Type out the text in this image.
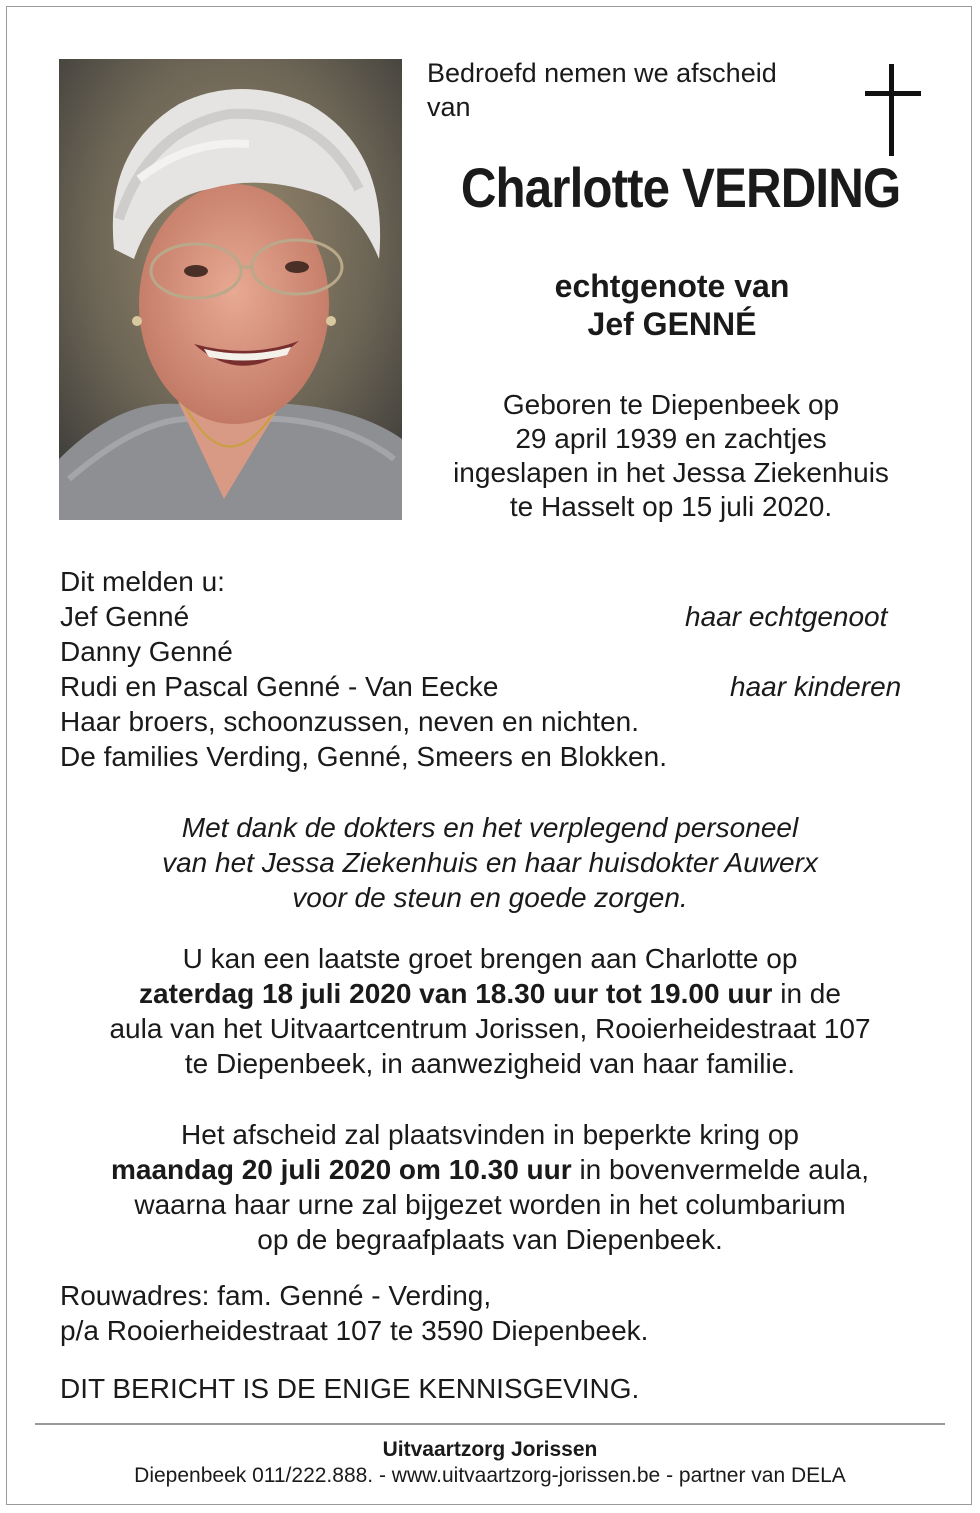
Bedroefd nemen we afscheid
van
Charlotte VERDING
echtgenote van
Jef GENNÉ
Geboren te Diepenbeek op
29 april 1939 en zachtjes
ingeslapen in het Jessa Ziekenhuis
te Hasselt op 15 juli 2020.
Dit melden u:
Jef Genné	haar echtgenoot
Danny Genné
Rudi en Pascal Genné - Van Eecke	haar kinderen
Haar broers, schoonzussen, neven en nichten.
De families Verding, Genné, Smeers en Blokken.
Met dank de dokters en het verplegend personeel
van het Jessa Ziekenhuis en haar huisdokter Auwerx
voor de steun en goede zorgen.
U kan een laatste groet brengen aan Charlotte op
zaterdag 18 juli 2020 van 18.30 uur tot 19.00 uur in de
aula van het Uitvaartcentrum Jorissen, Rooierheidestraat 107
te Diepenbeek, in aanwezigheid van haar familie.
Het afscheid zal plaatsvinden in beperkte kring op
maandag 20 juli 2020 om 10.30 uur in bovenvermelde aula,
waarna haar urne zal bijgezet worden in het columbarium
op de begraafplaats van Diepenbeek.
Rouwadres: fam. Genné - Verding,
p/a Rooierheidestraat 107 te 3590 Diepenbeek.
DIT BERICHT IS DE ENIGE KENNISGEVING.
Uitvaartzorg Jorissen
Diepenbeek 011/222.888. - www.uitvaartzorg-jorissen.be - partner van DELA
